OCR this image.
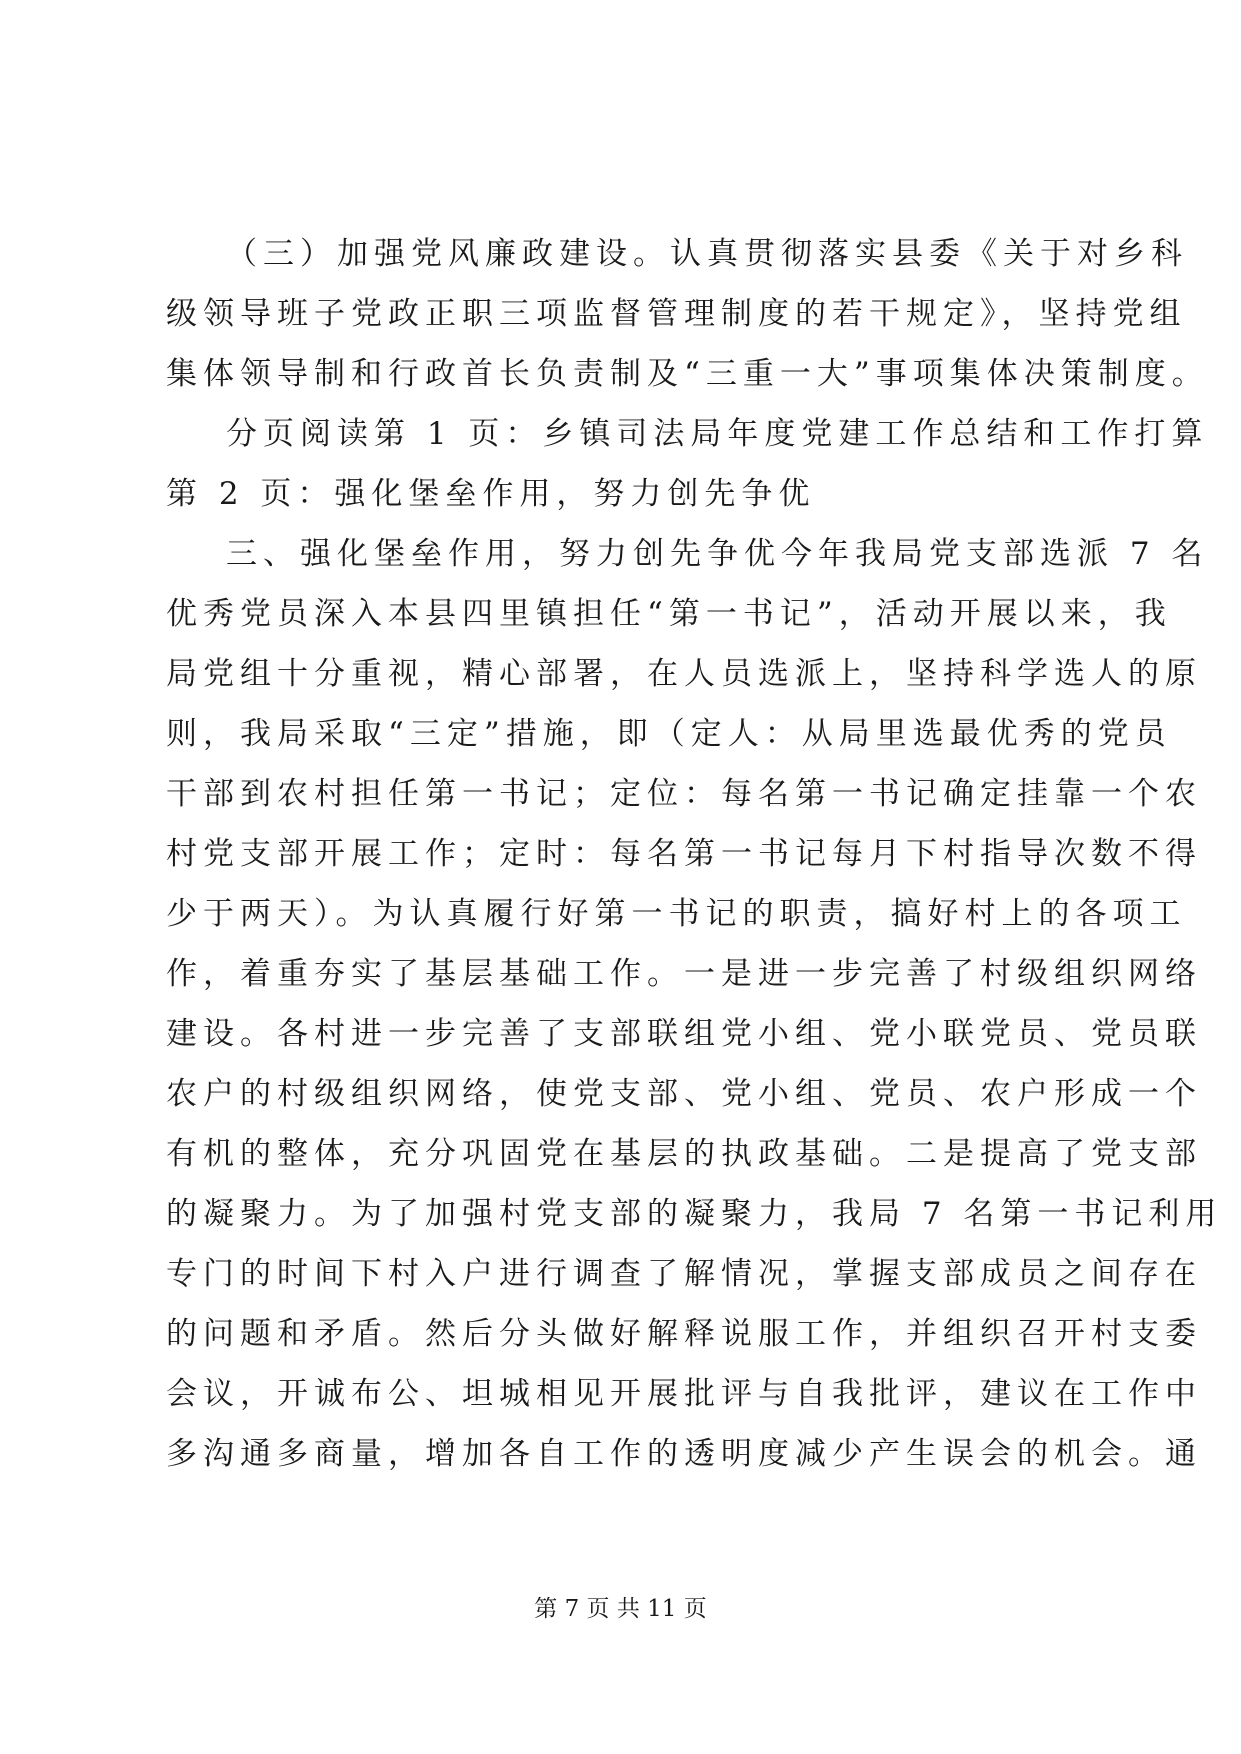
（三）加强党风廉政建设。认真贯彻落实县委《关于对乡科
级领导班子党政正职三项监督管理制度的若干规定》，坚持党组
集体领导制和行政首长负责制及“三重一大”事项集体决策制度。
分页阅读第 1 页：乡镇司法局年度党建工作总结和工作打算
第 2 页：强化堡垒作用，努力创先争优
三、强化堡垒作用，努力创先争优今年我局党支部选派 7 名
优秀党员深入本县四里镇担任“第一书记”，活动开展以来，我
局党组十分重视，精心部署，在人员选派上，坚持科学选人的原
则，我局采取“三定”措施，即（定人：从局里选最优秀的党员
干部到农村担任第一书记；定位：每名第一书记确定挂靠一个农
村党支部开展工作；定时：每名第一书记每月下村指导次数不得
少于两天）。为认真履行好第一书记的职责，搞好村上的各项工
作，着重夯实了基层基础工作。一是进一步完善了村级组织网络
建设。各村进一步完善了支部联组党小组、党小联党员、党员联
农户的村级组织网络，使党支部、党小组、党员、农户形成一个
有机的整体，充分巩固党在基层的执政基础。二是提高了党支部
的凝聚力。为了加强村党支部的凝聚力，我局 7 名第一书记利用
专门的时间下村入户进行调查了解情况，掌握支部成员之间存在
的问题和矛盾。然后分头做好解释说服工作，并组织召开村支委
会议，开诚布公、坦城相见开展批评与自我批评，建议在工作中
多沟通多商量，增加各自工作的透明度减少产生误会的机会。通
第 7 页 共 11 页
